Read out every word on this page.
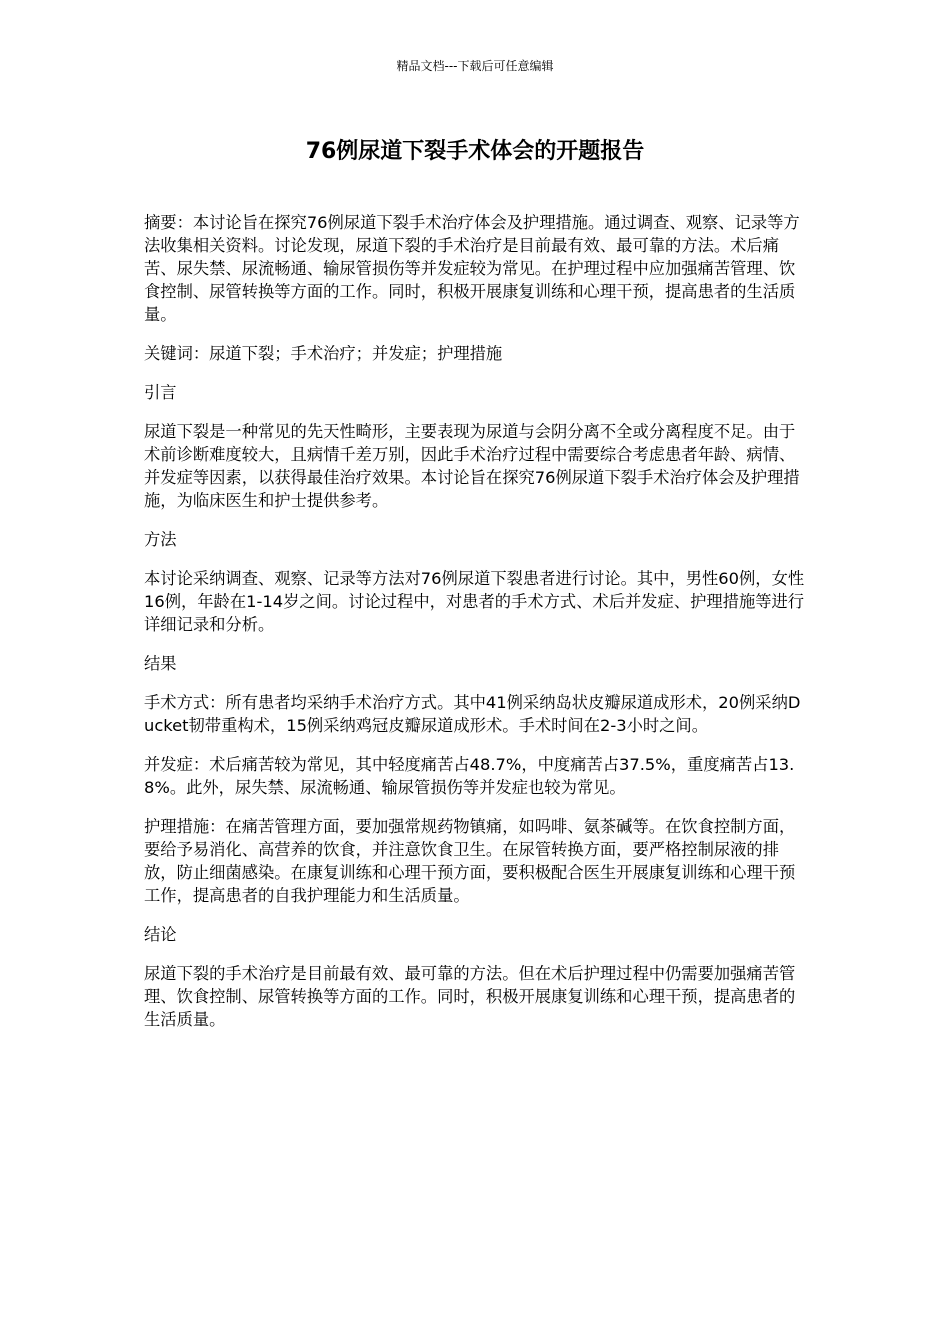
精品文档---下载后可任意编辑
76例尿道下裂手术体会的开题报告

摘要：本讨论旨在探究76例尿道下裂手术治疗体会及护理措施。通过调查、观察、记录等方法收集相关资料。讨论发现，尿道下裂的手术治疗是目前最有效、最可靠的方法。术后痛苦、尿失禁、尿流畅通、输尿管损伤等并发症较为常见。在护理过程中应加强痛苦管理、饮食控制、尿管转换等方面的工作。同时，积极开展康复训练和心理干预，提高患者的生活质量。

关键词：尿道下裂；手术治疗；并发症；护理措施

引言

尿道下裂是一种常见的先天性畸形，主要表现为尿道与会阴分离不全或分离程度不足。由于术前诊断难度较大，且病情千差万别，因此手术治疗过程中需要综合考虑患者年龄、病情、并发症等因素，以获得最佳治疗效果。本讨论旨在探究76例尿道下裂手术治疗体会及护理措施，为临床医生和护士提供参考。

方法

本讨论采纳调查、观察、记录等方法对76例尿道下裂患者进行讨论。其中，男性60例，女性16例，年龄在1-14岁之间。讨论过程中，对患者的手术方式、术后并发症、护理措施等进行详细记录和分析。

结果

手术方式：所有患者均采纳手术治疗方式。其中41例采纳岛状皮瓣尿道成形术，20例采纳Ducket韧带重构术，15例采纳鸡冠皮瓣尿道成形术。手术时间在2-3小时之间。

并发症：术后痛苦较为常见，其中轻度痛苦占48.7%，中度痛苦占37.5%，重度痛苦占13.8%。此外，尿失禁、尿流畅通、输尿管损伤等并发症也较为常见。

护理措施：在痛苦管理方面，要加强常规药物镇痛，如吗啡、氨茶碱等。在饮食控制方面，要给予易消化、高营养的饮食，并注意饮食卫生。在尿管转换方面，要严格控制尿液的排放，防止细菌感染。在康复训练和心理干预方面，要积极配合医生开展康复训练和心理干预工作，提高患者的自我护理能力和生活质量。

结论

尿道下裂的手术治疗是目前最有效、最可靠的方法。但在术后护理过程中仍需要加强痛苦管理、饮食控制、尿管转换等方面的工作。同时，积极开展康复训练和心理干预，提高患者的生活质量。
